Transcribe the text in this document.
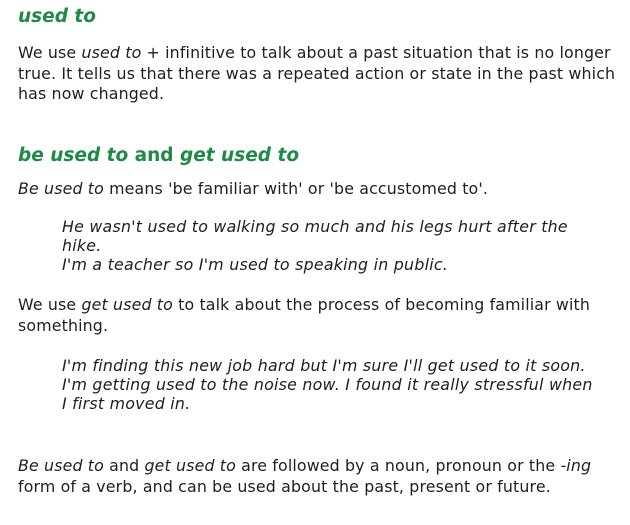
used to

We use used to + infinitive to talk about a past situation that is no longer true. It tells us that there was a repeated action or state in the past which has now changed.

be used to and get used to

Be used to means 'be familiar with' or 'be accustomed to'.

He wasn't used to walking so much and his legs hurt after the hike.
I'm a teacher so I'm used to speaking in public.

We use get used to to talk about the process of becoming familiar with something.

I'm finding this new job hard but I'm sure I'll get used to it soon.
I'm getting used to the noise now. I found it really stressful when I first moved in.

Be used to and get used to are followed by a noun, pronoun or the -ing form of a verb, and can be used about the past, present or future.
